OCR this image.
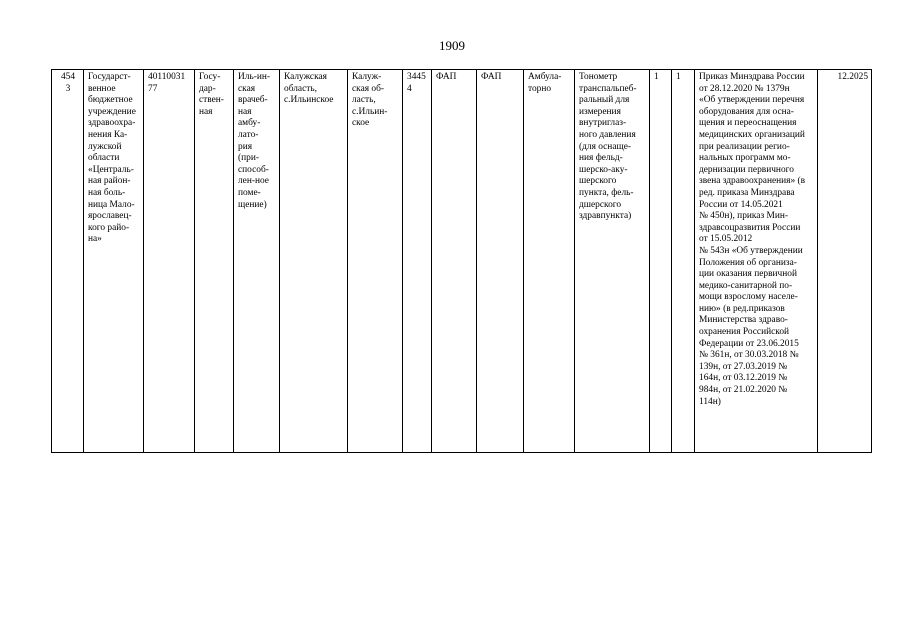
1909
454
3	Государст-
венное
бюджетное
учреждение
здравоохра-
нения Ка-
лужской
области
«Централь-
ная район-
ная боль-
ница Мало-
ярославец-
кого райо-
на»	40110031
77	Госу-
дар-
ствен-
ная	Иль-ин-
ская
врачеб-
ная
амбу-
лато-
рия
(при-
способ-
лен-ное
поме-
щение)	Калужская
область,
с.Ильинское	Калуж-
ская об-
ласть,
с.Ильин-
ское	3445
4	ФАП	ФАП	Амбула-
торно	Тонометр
транспальпеб-
ральный для
измерения
внутриглаз-
ного давления
(для оснаще-
ния фельд-
шерско-аку-
шерского
пункта, фель-
дшерского
здравпункта)	1	1	Приказ Минздрава России
от 28.12.2020 № 1379н
«Об утверждении перечня
оборудования для осна-
щения и переоснащения
медицинских организаций
при реализации регио-
нальных программ мо-
дернизации первичного
звена здравоохранения» (в
ред. приказа Минздрава
России от 14.05.2021
№ 450н), приказ Мин-
здравсоцразвития России
от 15.05.2012
№ 543н «Об утверждении
Положения об организа-
ции оказания первичной
медико-санитарной по-
мощи взрослому населе-
нию» (в ред.приказов
Министерства здраво-
охранения Российской
Федерации от 23.06.2015
№ 361н, от 30.03.2018 №
139н, от 27.03.2019 №
164н, от 03.12.2019 №
984н, от 21.02.2020 №
114н)	12.2025
